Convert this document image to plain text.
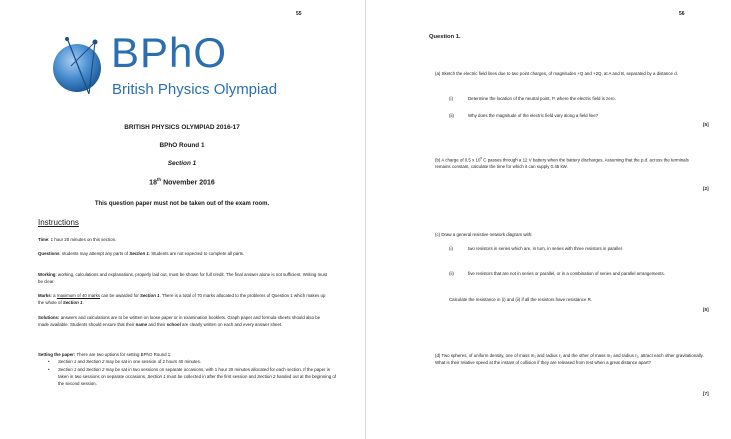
55
BPhO
British Physics Olympiad
BRITISH PHYSICS OLYMPIAD 2016-17
BPhO Round 1
Section 1
18th November 2016
This question paper must not be taken out of the exam room.
Instructions
Time: 1 hour 20 minutes on this section.
Questions: students may attempt any parts of Section 1. Students are not expected to complete all parts.
Working: working, calculations and explanations, properly laid out, must be shown for full credit. The final answer alone is not sufficient. Writing must be clear.
Marks: a maximum of 40 marks can be awarded for Section 1. There is a total of 70 marks allocated to the problems of Question 1 which makes up the whole of Section 1.
Solutions: answers and calculations are to be written on loose paper or in examination booklets. Graph paper and formula sheets should also be made available. Students should ensure that their name and their school are clearly written on each and every answer sheet.
Setting the paper: There are two options for setting BPhO Round 1:
• Section 1 and Section 2 may be sat in one session of 2 hours 40 minutes.
• Section 1 and Section 2 may be sat in two sessions on separate occasions, with 1 hour 20 minutes allocated for each section. If the paper is taken in two sessions on separate occasions, Section 1 must be collected in after the first session and Section 2 handed out at the beginning of the second session.
56
Question 1.
(a) Sketch the electric field lines due to two point charges, of magnitudes +Q and +2Q, at A and B, separated by a distance d.
(i)	Determine the location of the neutral point, P, where the electric field is zero.
(ii)	Why does the magnitude of the electric field vary along a field line?
[5]
(b) A charge of 0.5 x $10^6$ C passes through a 12 V battery when the battery discharges. Assuming that the p.d. across the terminals remains constant, calculate the time for which it can supply 0.45 kW.
[2]
(c) Draw a general resistive network diagram with:
(i)	two resistors in series which are, in turn, in series with three resistors in parallel.
(ii)	five resistors that are not in series or parallel, or in a combination of series and parallel arrangements.
Calculate the resistance in (i) and (ii) if all the resistors have resistance R.
[5]
(d) Two spheres, of uniform density, one of mass m₁ and radius r₁ and the other of mass m₂ and radius r₂, attract each other gravitationally. What is their relative speed at the instant of collision if they are released from rest when a great distance apart?
[7]
